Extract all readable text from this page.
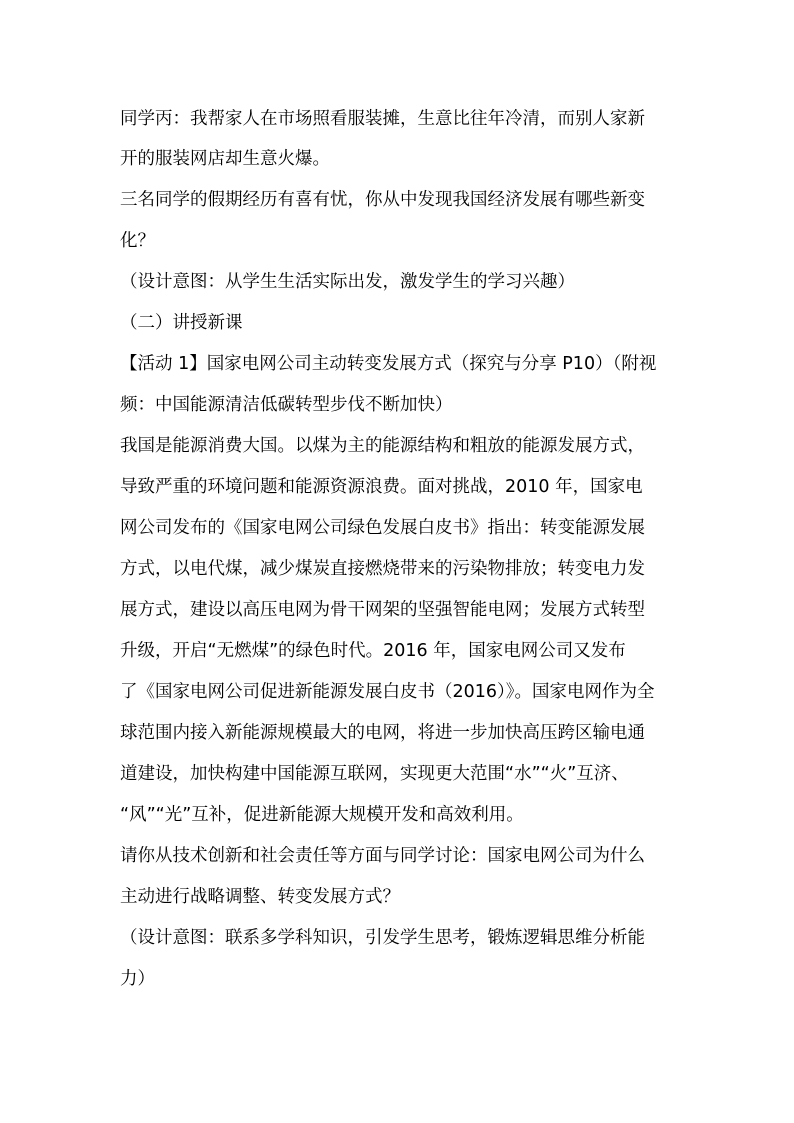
同学丙：我帮家人在市场照看服装摊，生意比往年冷清，而别人家新
开的服装网店却生意火爆。
三名同学的假期经历有喜有忧，你从中发现我国经济发展有哪些新变
化？
（设计意图：从学生生活实际出发，激发学生的学习兴趣）
（二）讲授新课
【活动 1】国家电网公司主动转变发展方式（探究与分享 P10）（附视
频：中国能源清洁低碳转型步伐不断加快）
我国是能源消费大国。以煤为主的能源结构和粗放的能源发展方式，
导致严重的环境问题和能源资源浪费。面对挑战，2010 年，国家电
网公司发布的《国家电网公司绿色发展白皮书》指出：转变能源发展
方式，以电代煤，减少煤炭直接燃烧带来的污染物排放；转变电力发
展方式，建设以高压电网为骨干网架的坚强智能电网；发展方式转型
升级，开启“无燃煤”的绿色时代。2016 年，国家电网公司又发布
了《国家电网公司促进新能源发展白皮书（2016）》。国家电网作为全
球范围内接入新能源规模最大的电网，将进一步加快高压跨区输电通
道建设，加快构建中国能源互联网，实现更大范围“水”“火”互济、
“风”“光”互补，促进新能源大规模开发和高效利用。
请你从技术创新和社会责任等方面与同学讨论：国家电网公司为什么
主动进行战略调整、转变发展方式？
（设计意图：联系多学科知识，引发学生思考，锻炼逻辑思维分析能
力）
